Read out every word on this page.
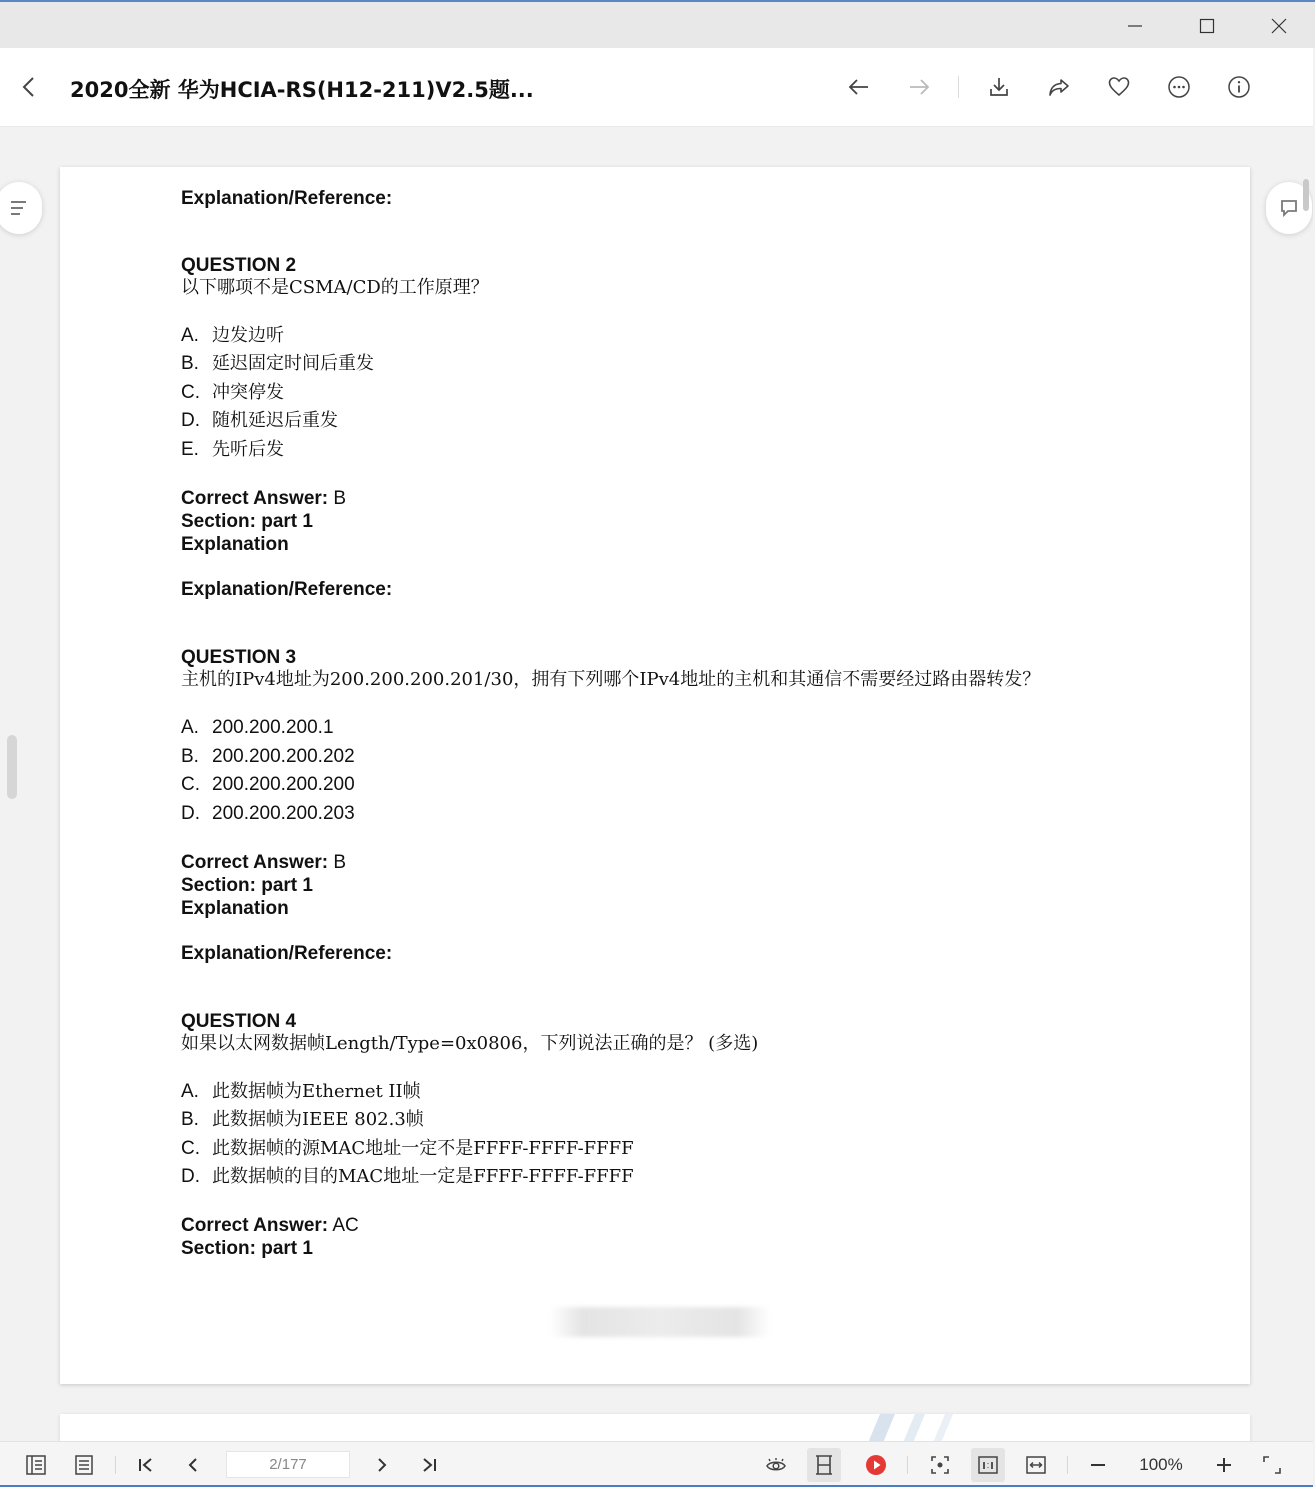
2020全新 华为HCIA-RS(H12-211)V2.5题...
Explanation/Reference:
QUESTION 2
以下哪项不是CSMA/CD的工作原理？
A. 边发边听
B. 延迟固定时间后重发
C. 冲突停发
D. 随机延迟后重发
E. 先听后发
Correct Answer: B
Section: part 1
Explanation
Explanation/Reference:
QUESTION 3
主机的IPv4地址为200.200.200.201/30，拥有下列哪个IPv4地址的主机和其通信不需要经过路由器转发？
A. 200.200.200.1
B. 200.200.200.202
C. 200.200.200.200
D. 200.200.200.203
Correct Answer: B
Section: part 1
Explanation
Explanation/Reference:
QUESTION 4
如果以太网数据帧Length/Type=0x0806，下列说法正确的是？ (多选)
A. 此数据帧为Ethernet II帧
B. 此数据帧为IEEE 802.3帧
C. 此数据帧的源MAC地址一定不是FFFF-FFFF-FFFF
D. 此数据帧的目的MAC地址一定是FFFF-FFFF-FFFF
Correct Answer: AC
Section: part 1
2/177	100%
